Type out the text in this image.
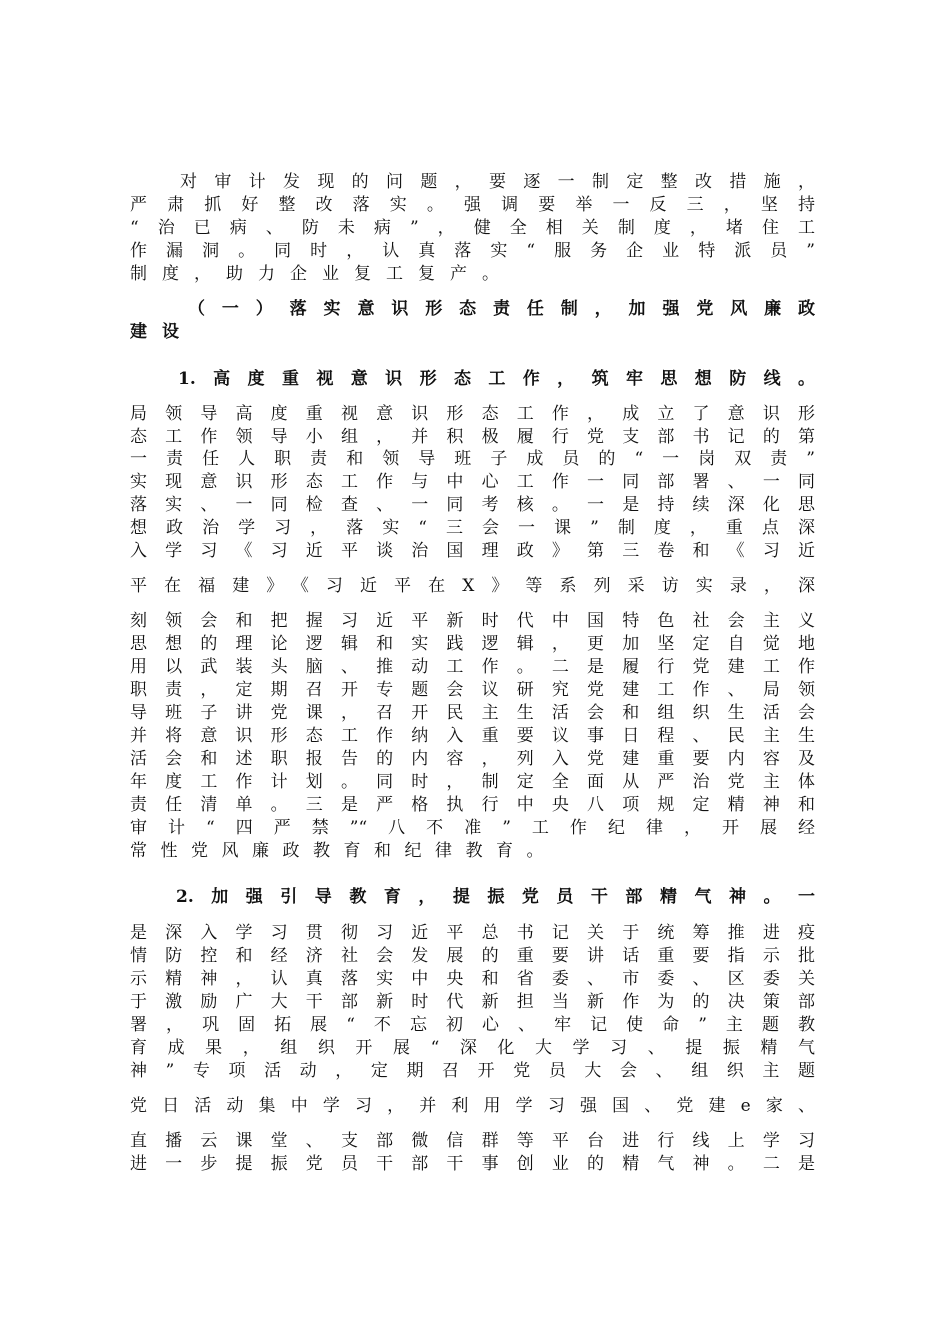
对审计发现的问题，要逐一制定整改措施，
严肃抓好整改落实。强调要举一反三，坚持
“治已病、防未病”，健全相关制度，堵住工
作漏洞。同时，认真落实“服务企业特派员”
制度，助力企业复工复产。
（一）落实意识形态责任制，加强党风廉政
建设
1.高度重视意识形态工作，筑牢思想防线。
局领导高度重视意识形态工作，成立了意识形
态工作领导小组，并积极履行党支部书记的第
一责任人职责和领导班子成员的“一岗双责”
实现意识形态工作与中心工作一同部署、一同
落实、一同检查、一同考核。一是持续深化思
想政治学习，落实“三会一课”制度，重点深
入学习《习近平谈治国理政》第三卷和《习近
平在福建》《习近平在X》等系列采访实录，深
刻领会和把握习近平新时代中国特色社会主义
思想的理论逻辑和实践逻辑，更加坚定自觉地
用以武装头脑、推动工作。二是履行党建工作
职责，定期召开专题会议研究党建工作、局领
导班子讲党课，召开民主生活会和组织生活会
并将意识形态工作纳入重要议事日程、民主生
活会和述职报告的内容，列入党建重要内容及
年度工作计划。同时，制定全面从严治党主体
责任清单。三是严格执行中央八项规定精神和
审计“四严禁”“八不准”工作纪律，开展经
常性党风廉政教育和纪律教育。
2.加强引导教育，提振党员干部精气神。一
是深入学习贯彻习近平总书记关于统筹推进疫
情防控和经济社会发展的重要讲话重要指示批
示精神，认真落实中央和省委、市委、区委关
于激励广大干部新时代新担当新作为的决策部
署，巩固拓展“不忘初心、牢记使命”主题教
育成果，组织开展“深化大学习、提振精气
神”专项活动，定期召开党员大会、组织主题
党日活动集中学习，并利用学习强国、党建e家、
直播云课堂、支部微信群等平台进行线上学习
进一步提振党员干部干事创业的精气神。二是
